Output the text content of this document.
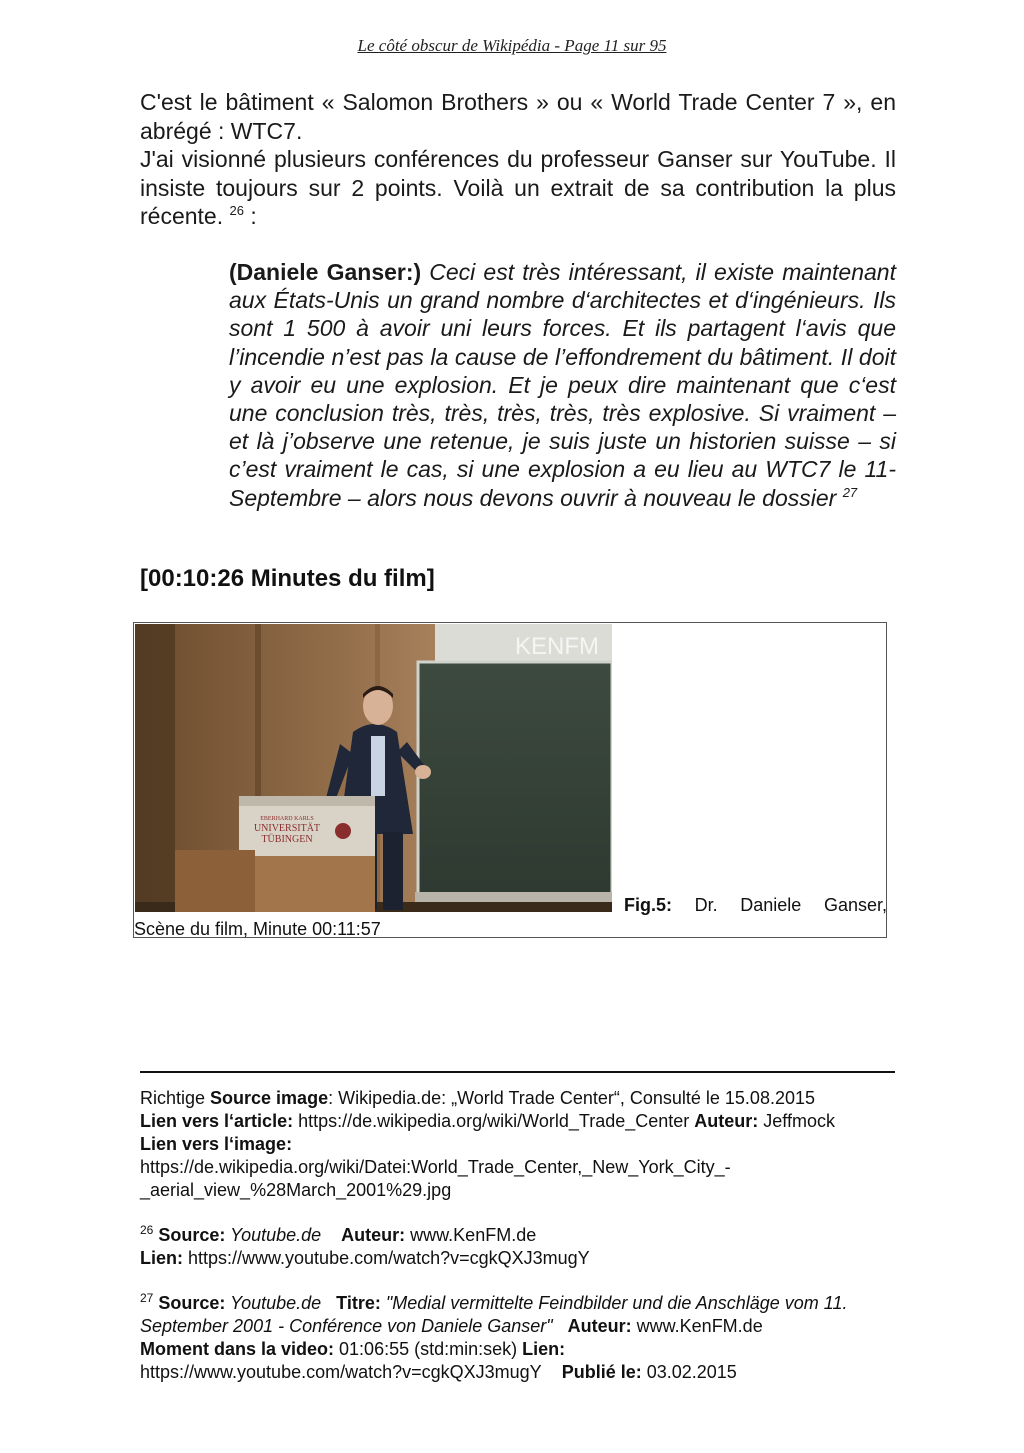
Le côté obscur de Wikipédia - Page 11 sur 95

C'est le bâtiment « Salomon Brothers » ou « World Trade Center 7 », en abrégé : WTC7.

J'ai visionné plusieurs conférences du professeur Ganser sur YouTube. Il insiste toujours sur 2 points. Voilà un extrait de sa contribution la plus récente. $^{26}$ :

(Daniele Ganser:) Ceci est très intéressant, il existe maintenant aux États-Unis un grand nombre d‘architectes et d‘ingénieurs. Ils sont 1 500 à avoir uni leurs forces. Et ils partagent l‘avis que l’incendie n’est pas la cause de l’effondrement du bâtiment. Il doit y avoir eu une explosion. Et je peux dire maintenant que c‘est une conclusion très, très, très, très, très explosive. Si vraiment – et là j’observe une retenue, je suis juste un historien suisse – si c’est vraiment le cas, si une explosion a eu lieu au WTC7 le 11-Septembre – alors nous devons ouvrir à nouveau le dossier $^{27}$
[00:10:26 Minutes du film]
KENFM
EBERHARD KARLS
UNIVERSITÄT
TÜBINGEN
Fig.5: Dr. Daniele Ganser,
Scène du film, Minute 00:11:57

Richtige Source image: Wikipedia.de: „World Trade Center“, Consulté le 15.08.2015

Lien vers l‘article: https://de.wikipedia.org/wiki/World_Trade_Center Auteur: Jeffmock

Lien vers l‘image:

https://de.wikipedia.org/wiki/Datei:World_Trade_Center,_New_York_City_-

_aerial_view_%28March_2001%29.jpg

$^{26}$ Source: Youtube.de Auteur: www.KenFM.de

Lien: https://www.youtube.com/watch?v=cgkQXJ3mugY

$^{27}$ Source: Youtube.de Titre: "Medial vermittelte Feindbilder und die Anschläge vom 11. September 2001 - Conférence von Daniele Ganser" Auteur: www.KenFM.de
Moment dans la video: 01:06:55 (std:min:sek) Lien:
https://www.youtube.com/watch?v=cgkQXJ3mugY Publié le: 03.02.2015
